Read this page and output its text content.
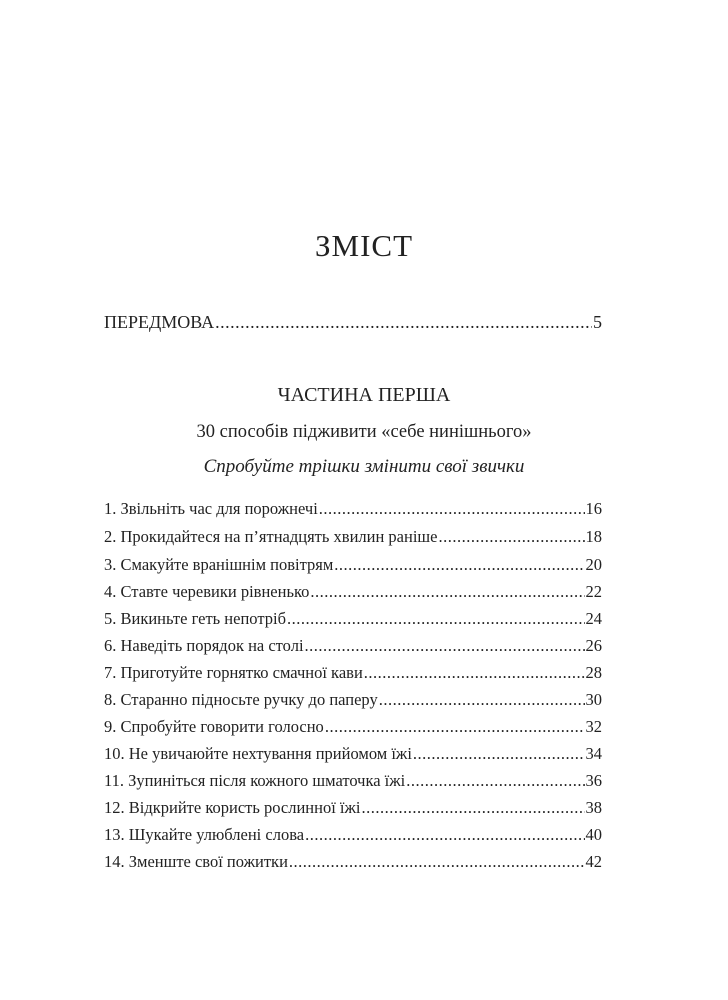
ЗМІСТ
ПЕРЕДМОВА .....	5
ЧАСТИНА ПЕРША

30 способів підживити «себе нинішнього»

Спробуйте трішки змінити свої звички

1. Звільніть час для порожнечі .....	16
2. Прокидайтеся на п’ятнадцять хвилин раніше .....	18
3. Смакуйте вранішнім повітрям .....	20
4. Ставте черевики рівненько .....	22
5. Викиньте геть непотріб .....	24
6. Наведіть порядок на столі .....	26
7. Приготуйте горнятко смачної кави .....	28
8. Старанно підносьте ручку до паперу .....	30
9. Спробуйте говорити голосно .....	32
10. Не увичаюйте нехтування прийомом їжі .....	34
11. Зупиніться після кожного шматочка їжі .....	36
12. Відкрийте користь рослинної їжі .....	38
13. Шукайте улюблені слова .....	40
14. Зменште свої пожитки .....	42
